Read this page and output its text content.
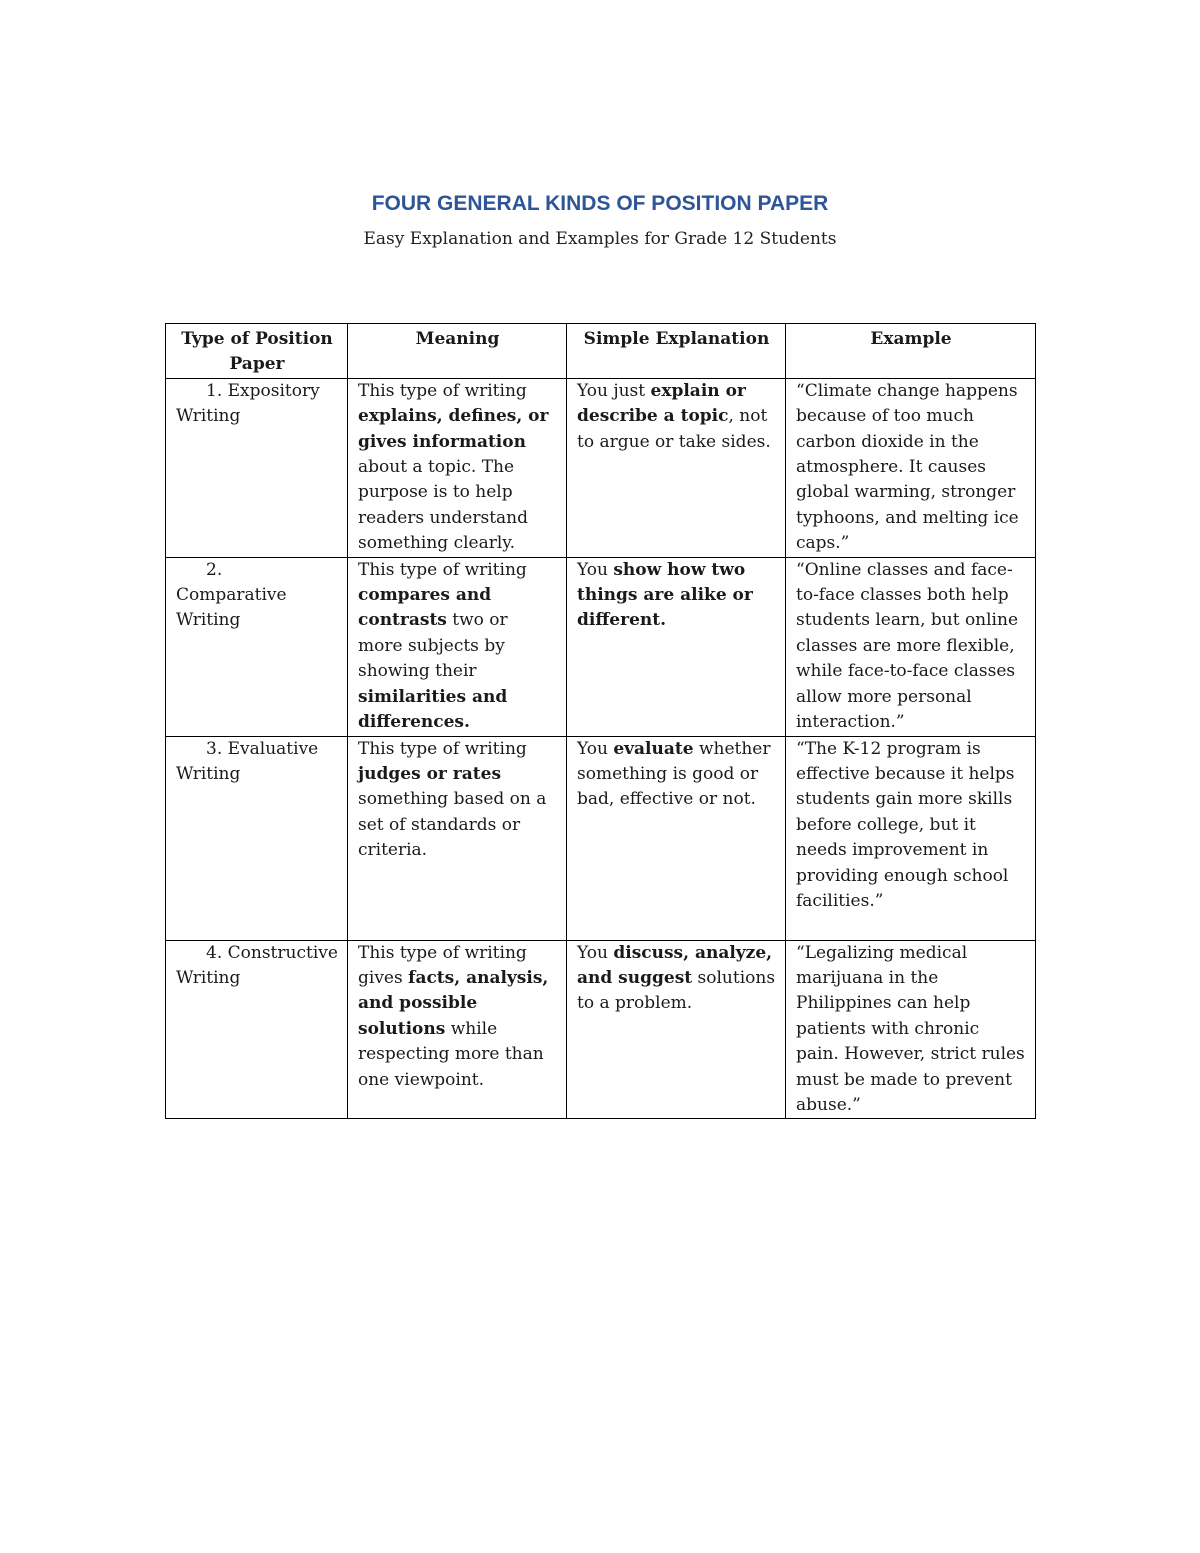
FOUR GENERAL KINDS OF POSITION PAPER
Easy Explanation and Examples for Grade 12 Students
Type of Position Paper	Meaning	Simple Explanation	Example
1. Expository Writing	This type of writing explains, defines, or gives information about a topic. The purpose is to help readers understand something clearly.	You just explain or describe a topic, not to argue or take sides.	“Climate change happens because of too much carbon dioxide in the atmosphere. It causes global warming, stronger typhoons, and melting ice caps.”
2. Comparative Writing	This type of writing compares and contrasts two or more subjects by showing their similarities and differences.	You show how two things are alike or different.	“Online classes and face-to-face classes both help students learn, but online classes are more flexible, while face-to-face classes allow more personal interaction.”
3. Evaluative Writing	This type of writing judges or rates something based on a set of standards or criteria.	You evaluate whether something is good or bad, effective or not.	“The K-12 program is effective because it helps students gain more skills before college, but it needs improvement in providing enough school facilities.”
4. Constructive Writing	This type of writing gives facts, analysis, and possible solutions while respecting more than one viewpoint.	You discuss, analyze, and suggest solutions to a problem.	“Legalizing medical marijuana in the Philippines can help patients with chronic pain. However, strict rules must be made to prevent abuse.”
